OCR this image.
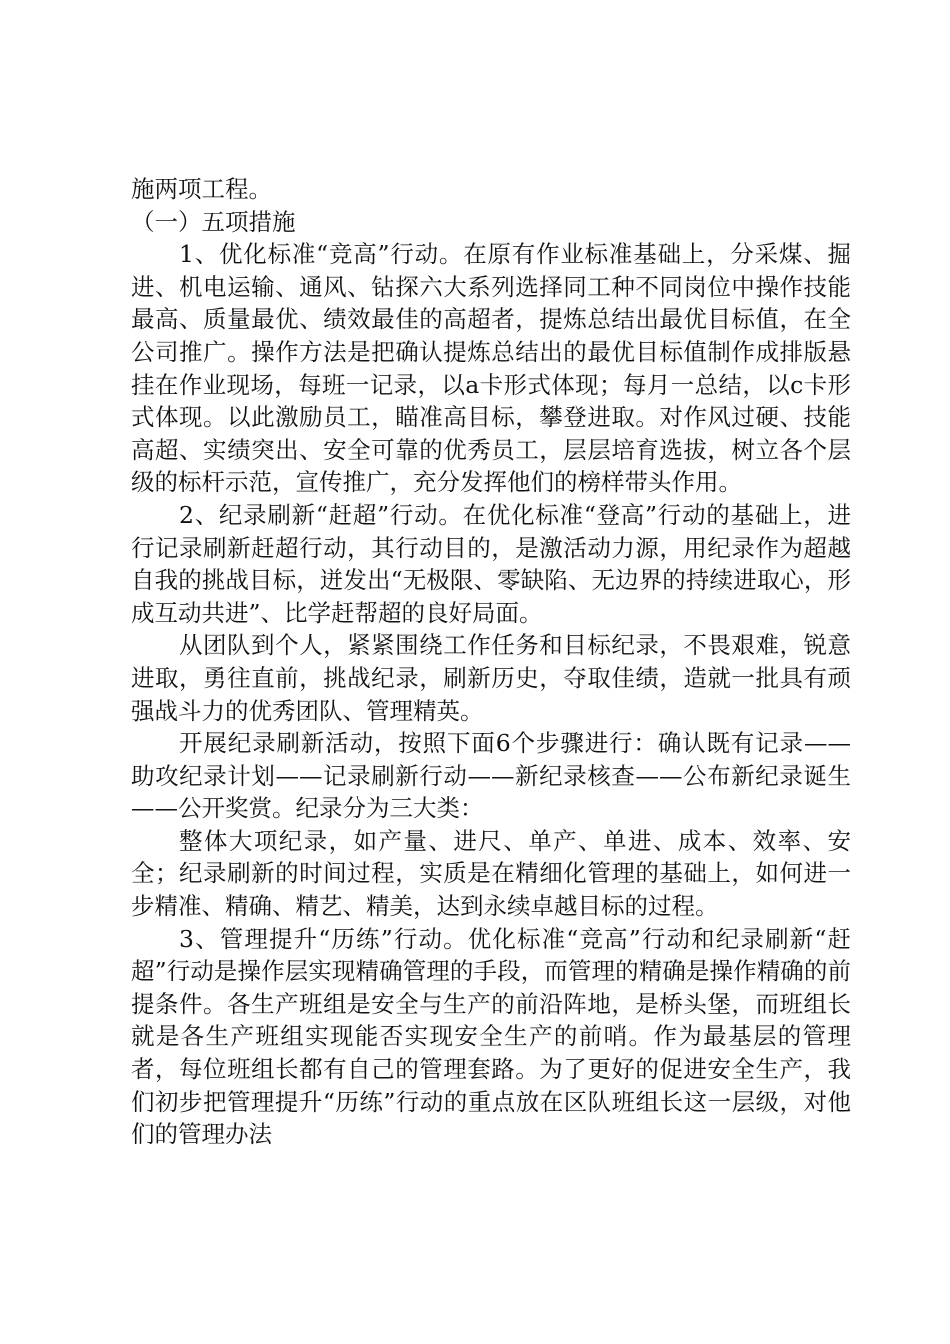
施两项工程。

（一）五项措施

1、优化标准“竞高”行动。在原有作业标准基础上，分采煤、掘进、机电运输、通风、钻探六大系列选择同工种不同岗位中操作技能最高、质量最优、绩效最佳的高超者，提炼总结出最优目标值，在全公司推广。操作方法是把确认提炼总结出的最优目标值制作成排版悬挂在作业现场，每班一记录，以a卡形式体现；每月一总结，以c卡形式体现。以此激励员工，瞄准高目标，攀登进取。对作风过硬、技能高超、实绩突出、安全可靠的优秀员工，层层培育选拔，树立各个层级的标杆示范，宣传推广，充分发挥他们的榜样带头作用。

2、纪录刷新“赶超”行动。在优化标准“登高”行动的基础上，进行记录刷新赶超行动，其行动目的，是激活动力源，用纪录作为超越自我的挑战目标，迸发出“无极限、零缺陷、无边界的持续进取心，形成互动共进”、比学赶帮超的良好局面。

从团队到个人，紧紧围绕工作任务和目标纪录，不畏艰难，锐意进取，勇往直前，挑战纪录，刷新历史，夺取佳绩，造就一批具有顽强战斗力的优秀团队、管理精英。

开展纪录刷新活动，按照下面6个步骤进行：确认既有记录——助攻纪录计划——记录刷新行动——新纪录核查——公布新纪录诞生——公开奖赏。纪录分为三大类：

整体大项纪录，如产量、进尺、单产、单进、成本、效率、安全；纪录刷新的时间过程，实质是在精细化管理的基础上，如何进一步精准、精确、精艺、精美，达到永续卓越目标的过程。

3、管理提升“历练”行动。优化标准“竞高”行动和纪录刷新“赶超”行动是操作层实现精确管理的手段，而管理的精确是操作精确的前提条件。各生产班组是安全与生产的前沿阵地，是桥头堡，而班组长就是各生产班组实现能否实现安全生产的前哨。作为最基层的管理者，每位班组长都有自己的管理套路。为了更好的促进安全生产，我们初步把管理提升“历练”行动的重点放在区队班组长这一层级，对他们的管理办法
